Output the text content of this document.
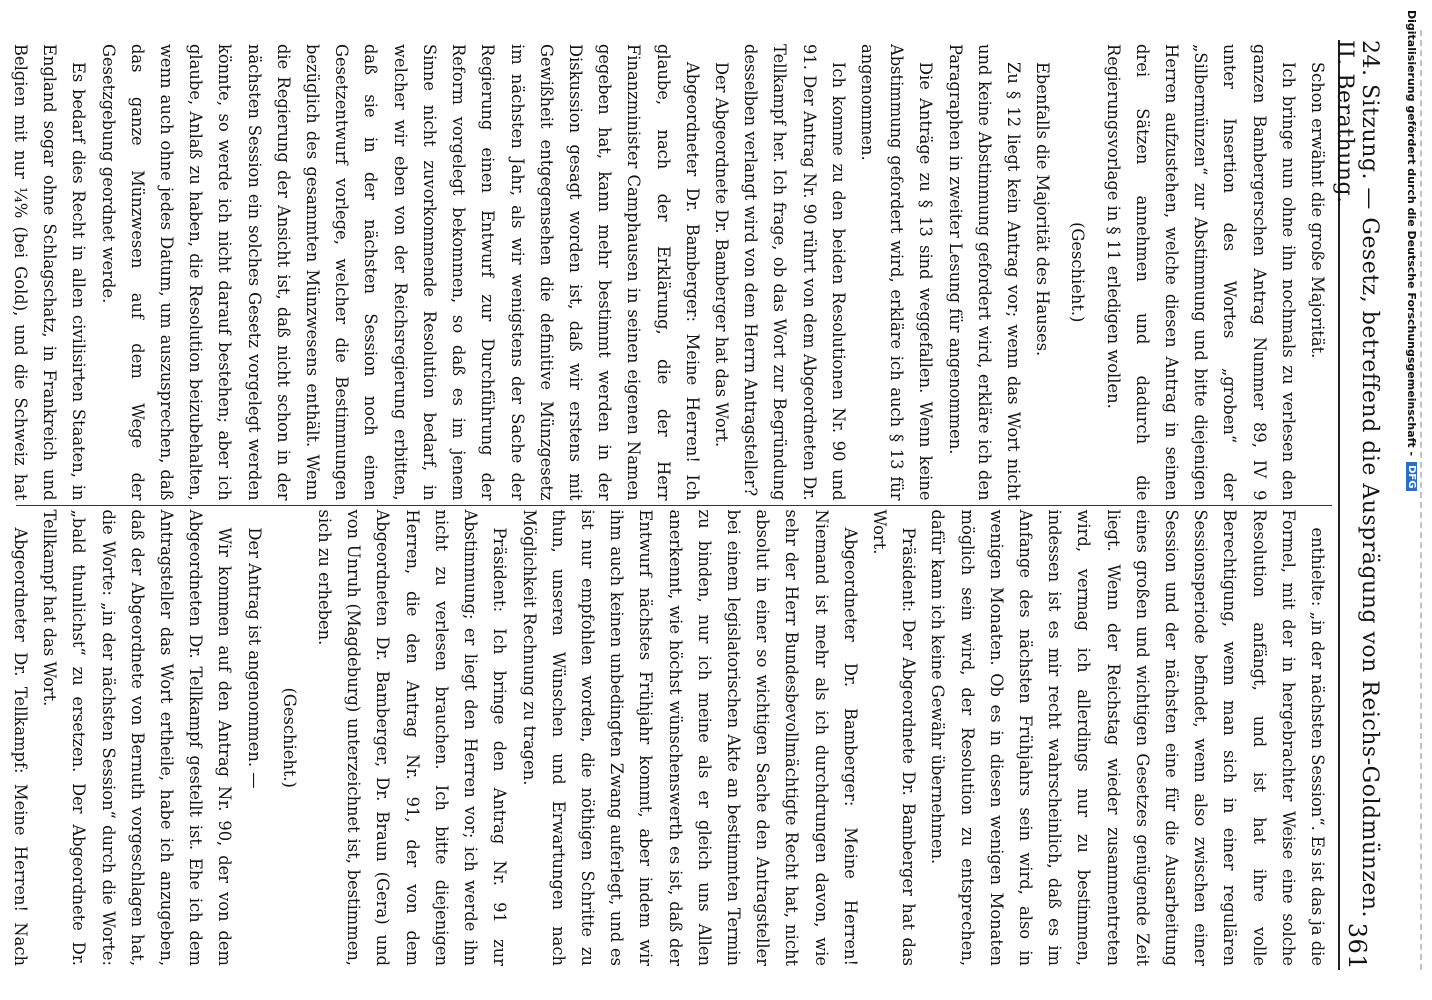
24. Sitzung. — Gesetz, betreffend die Ausprägung von Reichs-Goldmünzen. II. Berathung.
361

Schon erwähnt die große Majorität.

Ich bringe nun ohne ihn nochmals zu verlesen den ganzen Bambergerschen Antrag Nummer 89, IV 9 unter Insertion des Wortes „groben“ der „Silbermünzen“ zur Abstimmung und bitte diejenigen Herren aufzustehen, welche diesen Antrag in seinen drei Sätzen annehmen und dadurch die Regierungsvorlage in § 11 erledigen wollen.

(Geschieht.)

Ebenfalls die Majorität des Hauses.

Zu § 12 liegt kein Antrag vor; wenn das Wort nicht und keine Abstimmung gefordert wird, erkläre ich den Paragraphen in zweiter Lesung für angenommen.

Die Anträge zu § 13 sind weggefallen. Wenn keine Abstimmung gefordert wird, erkläre ich auch § 13 für angenommen.

Ich komme zu den beiden Resolutionen Nr. 90 und 91. Der Antrag Nr. 90 rührt von dem Abgeordneten Dr. Tellkampf her. Ich frage, ob das Wort zur Begründung desselben verlangt wird von dem Herrn Antragsteller?

Der Abgeordnete Dr. Bamberger hat das Wort.

Abgeordneter Dr. Bamberger: Meine Herren! Ich glaube, nach der Erklärung, die der Herr Finanzminister Camphausen in seinen eigenen Namen gegeben hat, kann mehr bestimmt werden in der Diskussion gesagt worden ist, daß wir erstens mit Gewißheit entgegensehen die definitive Münzgesetz im nächsten Jahr, als wir wenigstens der Sache der Regierung einen Entwurf zur Durchführung der Reform vorgelegt bekommen, so daß es im jenem Sinne nicht zuvorkommende Resolution bedarf, in welcher wir eben von der Reichsregierung erbitten, daß sie in der nächsten Session noch einen Gesetzentwurf vorlege, welcher die Bestimmungen bezüglich des gesammten Münzwesens enthält. Wenn die Regierung der Ansicht ist, daß nicht schon in der nächsten Session ein solches Gesetz vorgelegt werden könnte, so werde ich nicht darauf bestehen; aber ich glaube, Anlaß zu haben, die Resolution beizubehalten, wenn auch ohne jedes Datum, um auszusprechen, daß das ganze Münzwesen auf dem Wege der Gesetzgebung geordnet werde.

Es bedarf dies Recht in allen civilisirten Staaten, in England sogar ohne Schlagschatz, in Frankreich und Belgien mit nur ¼% (bei Gold), und die Schweiz hat

enthielte: „in der nächsten Session“. Es ist das ja die Formel, mit der in hergebrachter Weise eine solche Resolution anfängt, und ist hat ihre volle Berechtigung, wenn man sich in einer regulären Sessionsperiode befindet, wenn also zwischen einer Session und der nächsten eine für die Ausarbeitung eines großen und wichtigen Gesetzes genügende Zeit liegt. Wenn der Reichstag wieder zusammentreten wird, vermag ich allerdings nur zu bestimmen, indessen ist es mir recht wahrscheinlich, daß es im Anfange des nächsten Frühjahrs sein wird, also in wenigen Monaten. Ob es in diesen wenigen Monaten möglich sein wird, der Resolution zu entsprechen, dafür kann ich keine Gewähr übernehmen.

Präsident: Der Abgeordnete Dr. Bamberger hat das Wort.

Abgeordneter Dr. Bamberger: Meine Herren! Niemand ist mehr als ich durchdrungen davon, wie sehr der Herr Bundesbevollmächtigte Recht hat, nicht absolut in einer so wichtigen Sache den Antragsteller bei einem legislatorischen Akte an bestimmten Termin zu binden, nur ich meine als er gleich uns Allen anerkennt, wie höchst wünschenswerth es ist, daß der Entwurf nächstes Frühjahr kommt, aber indem wir ihm auch keinen unbedingten Zwang auferlegt, und es ist nur empfohlen worden, die nöthigen Schritte zu thun, unseren Wünschen und Erwartungen nach Möglichkeit Rechnung zu tragen.

Präsident: Ich bringe den Antrag Nr. 91 zur Abstimmung; er liegt den Herren vor; ich werde ihn nicht zu verlesen brauchen. Ich bitte diejenigen Herren, die den Antrag Nr. 91, der von dem Abgeordneten Dr. Bamberger, Dr. Braun (Gera) und von Unruh (Magdeburg) unterzeichnet ist, bestimmen, sich zu erheben.

(Geschieht.)

Der Antrag ist angenommen. —

Wir kommen auf den Antrag Nr. 90, der von dem Abgeordneten Dr. Tellkampf gestellt ist. Ehe ich dem Antragsteller das Wort ertheile, habe ich anzugeben, daß der Abgeordnete von Bernuth vorgeschlagen hat, die Worte: „in der nächsten Session“ durch die Worte: „bald thunlichst“ zu ersetzen. Der Abgeordnete Dr. Tellkampf hat das Wort.

Abgeordneter Dr. Tellkampf: Meine Herren! Nach

Digitalisierung gefördert durch die Deutsche Forschungsgemeinschaft -
DFG
